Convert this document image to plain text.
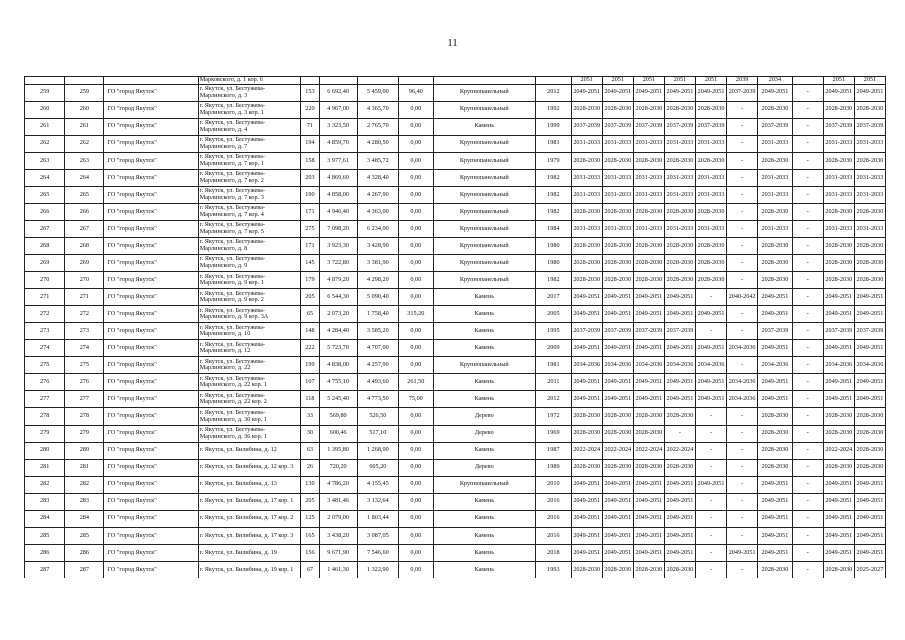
11
			Марковского, д. 1 кор. 6							2051	2051	2051	2051	2051	2039	2034		2051	2051
259	259	ГО "город Якутск"	г. Якутск, ул. Бестужева-Марлинского, д. 3	153	6 692,40	5 459,00	96,40	Крупнопанельный	2012	2049-2051	2049-2051	2049-2051	2049-2051	2049-2051	2037-2039	2049-2051	-	2049-2051	2049-2051
260	260	ГО "город Якутск"	г. Якутск, ул. Бестужева-Марлинского, д. 3 кор. 1	220	4 967,00	4 365,70	0,00	Крупнопанельный	1992	2028-2030	2028-2030	2028-2030	2028-2030	2028-2030	-	2028-2030	-	2028-2030	2028-2030
261	261	ГО "город Якутск"	г. Якутск, ул. Бестужева-Марлинского, д. 4	71	3 323,50	2 765,70	0,00	Камень	1999	2037-2039	2037-2039	2037-2039	2037-2039	2037-2039	-	2037-2039	-	2037-2039	2037-2039
262	262	ГО "город Якутск"	г. Якутск, ул. Бестужева-Марлинского, д. 7	194	4 859,70	4 280,50	0,00	Крупнопанельный	1981	2031-2033	2031-2033	2031-2033	2031-2033	2031-2033	-	2031-2033	-	2031-2033	2031-2033
263	263	ГО "город Якутск"	г. Якутск, ул. Бестужева-Марлинского, д. 7 кор. 1	158	3 977,61	3 485,72	0,00	Крупнопанельный	1979	2028-2030	2028-2030	2028-2030	2028-2030	2028-2030	-	2028-2030	-	2028-2030	2028-2030
264	264	ГО "город Якутск"	г. Якутск, ул. Бестужева-Марлинского, д. 7 кор. 2	203	4 869,60	4 328,40	0,00	Крупнопанельный	1982	2031-2033	2031-2033	2031-2033	2031-2033	2031-2033	-	2031-2033	-	2031-2033	2031-2033
265	265	ГО "город Якутск"	г. Якутск, ул. Бестужева-Марлинского, д. 7 кор. 3	190	4 858,00	4 267,90	0,00	Крупнопанельный	1982	2031-2033	2031-2033	2031-2033	2031-2033	2031-2033	-	2031-2033	-	2031-2033	2031-2033
266	266	ГО "город Якутск"	г. Якутск, ул. Бестужева-Марлинского, д. 7 кор. 4	171	4 946,40	4 363,00	0,00	Крупнопанельный	1982	2028-2030	2028-2030	2028-2030	2028-2030	2028-2030	-	2028-2030	-	2028-2030	2028-2030
267	267	ГО "город Якутск"	г. Якутск, ул. Бестужева-Марлинского, д. 7 кор. 5	275	7 098,20	6 234,00	0,00	Крупнопанельный	1984	2031-2033	2031-2033	2031-2033	2031-2033	2031-2033	-	2031-2033	-	2031-2033	2031-2033
268	268	ГО "город Якутск"	г. Якутск, ул. Бестужева-Марлинского, д. 8	171	3 923,30	3 428,90	0,00	Крупнопанельный	1980	2028-2030	2028-2030	2028-2030	2028-2030	2028-2030	-	2028-2030	-	2028-2030	2028-2030
269	269	ГО "город Якутск"	г. Якутск, ул. Бестужева-Марлинского, д. 9	145	3 722,80	3 381,90	0,00	Крупнопанельный	1980	2028-2030	2028-2030	2028-2030	2028-2030	2028-2030	-	2028-2030	-	2028-2030	2028-2030
270	270	ГО "город Якутск"	г. Якутск, ул. Бестужева-Марлинского, д. 9 кор. 1	179	4 879,20	4 298,20	0,00	Крупнопанельный	1982	2028-2030	2028-2030	2028-2030	2028-2030	2028-2030	-	2028-2030	-	2028-2030	2028-2030
271	271	ГО "город Якутск"	г. Якутск, ул. Бестужева-Марлинского, д. 9 кор. 2	205	6 544,30	5 090,40	0,00	Камень	2017	2049-2051	2049-2051	2049-2051	2049-2051	-	2040-2042	2049-2051	-	2049-2051	2049-2051
272	272	ГО "город Якутск"	г. Якутск, ул. Бестужева-Марлинского, д. 9 кор. 3А	65	2 073,20	1 758,40	315,20	Камень	2005	2049-2051	2049-2051	2049-2051	2049-2051	2049-2051	-	2049-2051	-	2049-2051	2049-2051
273	273	ГО "город Якутск"	г. Якутск, ул. Бестужева-Марлинского, д. 10	148	4 284,40	3 585,20	0,00	Камень	1995	2037-2039	2037-2039	2037-2039	2037-2039	-	-	2037-2039	-	2037-2039	2037-2039
274	274	ГО "город Якутск"	г. Якутск, ул. Бестужева-Марлинского, д. 12	222	5 723,70	4 707,00	0,00	Камень	2009	2049-2051	2049-2051	2049-2051	2049-2051	2049-2051	2034-2036	2049-2051	-	2049-2051	2049-2051
275	275	ГО "город Якутск"	г. Якутск, ул. Бестужева-Марлинского, д. 22	199	4 838,00	4 257,90	0,00	Крупнопанельный	1981	2034-2036	2034-2036	2034-2036	2034-2036	2034-2036	-	2034-2036	-	2034-2036	2034-2036
276	276	ГО "город Якутск"	г. Якутск, ул. Бестужева-Марлинского, д. 22 кор. 1	107	4 755,10	4 493,60	261,50	Камень	2011	2049-2051	2049-2051	2049-2051	2049-2051	2049-2051	2034-2036	2049-2051	-	2049-2051	2049-2051
277	277	ГО "город Якутск"	г. Якутск, ул. Бестужева-Марлинского, д. 22 кор. 2	118	5 245,40	4 773,50	75,00	Камень	2012	2049-2051	2049-2051	2049-2051	2049-2051	2049-2051	2034-2036	2049-2051	-	2049-2051	2049-2051
278	278	ГО "город Якутск"	г. Якутск, ул. Бестужева-Марлинского, д. 30 кор. 1	33	569,80	526,50	0,00	Дерево	1972	2028-2030	2028-2030	2028-2030	2028-2030	-	-	2028-2030	-	2028-2030	2028-2030
279	279	ГО "город Якутск"	г. Якутск, ул. Бестужева-Марлинского, д. 36 кор. 1	30	600,46	517,10	0,00	Дерево	1969	2028-2030	2028-2030	2028-2030	-	-	-	2028-2030	-	2028-2030	2028-2030
280	280	ГО "город Якутск"	г. Якутск, ул. Билибина, д. 12	63	1 395,80	1 268,00	0,00	Камень	1987	2022-2024	2022-2024	2022-2024	2022-2024	-	-	2028-2030	-	2022-2024	2028-2030
281	281	ГО "город Якутск"	г. Якутск, ул. Билибина, д. 12 кор. 3	26	720,20	605,20	0,00	Дерево	1989	2028-2030	2028-2030	2028-2030	2028-2030	-	-	2028-2030	-	2028-2030	2028-2030
282	282	ГО "город Якутск"	г. Якутск, ул. Билибина, д. 13	130	4 786,20	4 155,45	0,00	Крупнопанельный	2010	2049-2051	2049-2051	2049-2051	2049-2051	2049-2051	-	2049-2051	-	2049-2051	2049-2051
283	283	ГО "город Якутск"	г. Якутск, ул. Билибина, д. 17 кор. 1	205	3 481,46	3 132,64	0,00	Камень	2016	2049-2051	2049-2051	2049-2051	2049-2051	-	-	2049-2051	-	2049-2051	2049-2051
284	284	ГО "город Якутск"	г. Якутск, ул. Билибина, д. 17 кор. 2	125	2 079,00	1 803,44	0,00	Камень	2016	2049-2051	2049-2051	2049-2051	2049-2051	-	-	2049-2051	-	2049-2051	2049-2051
285	285	ГО "город Якутск"	г. Якутск, ул. Билибина, д. 17 кор. 3	165	3 438,20	3 087,05	0,00	Камень	2016	2049-2051	2049-2051	2049-2051	2049-2051	-	-	2049-2051	-	2049-2051	2049-2051
286	286	ГО "город Якутск"	г. Якутск, ул. Билибина, д. 19	156	9 671,90	7 546,60	0,00	Камень	2018	2049-2051	2049-2051	2049-2051	2049-2051	-	2049-2051	2049-2051	-	2049-2051	2049-2051
287	287	ГО "город Якутск"	г. Якутск, ул. Билибина, д. 19 кор. 1	67	1 461,30	1 322,90	0,00	Камень	1993	2028-2030	2028-2030	2028-2030	2028-2030	-	-	2028-2030	-	2028-2030	2025-2027
